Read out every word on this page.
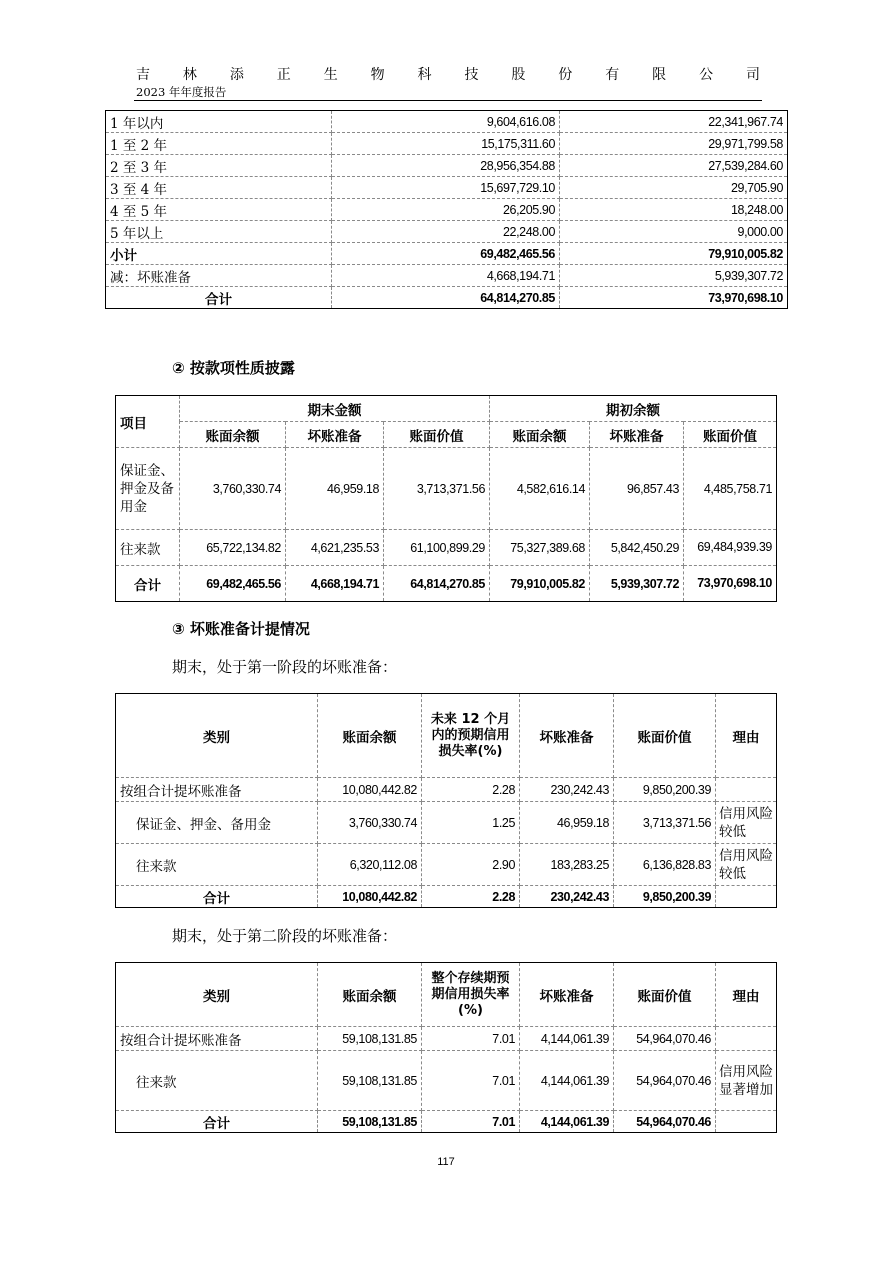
吉 林 添 正 生 物 科 技 股 份 有 限 公 司
2023 年年度报告
1 年以内	9,604,616.08	22,341,967.74
1 至 2 年	15,175,311.60	29,971,799.58
2 至 3 年	28,956,354.88	27,539,284.60
3 至 4 年	15,697,729.10	29,705.90
4 至 5 年	26,205.90	18,248.00
5 年以上	22,248.00	9,000.00
小计	69,482,465.56	79,910,005.82
减：坏账准备	4,668,194.71	5,939,307.72
合计	64,814,270.85	73,970,698.10
② 按款项性质披露
项目	期末金额			期初余额		
	账面余额	坏账准备	账面价值	账面余额	坏账准备	账面价值
保证金、押金及备用金	3,760,330.74	46,959.18	3,713,371.56	4,582,616.14	96,857.43	4,485,758.71
往来款	65,722,134.82	4,621,235.53	61,100,899.29	75,327,389.68	5,842,450.29	69,484,939.39
合计	69,482,465.56	4,668,194.71	64,814,270.85	79,910,005.82	5,939,307.72	73,970,698.10
③ 坏账准备计提情况
期末，处于第一阶段的坏账准备：
类别	账面余额	未来 12 个月内的预期信用损失率(%)	坏账准备	账面价值	理由
按组合计提坏账准备	10,080,442.82	2.28	230,242.43	9,850,200.39	
保证金、押金、备用金	3,760,330.74	1.25	46,959.18	3,713,371.56	信用风险较低
往来款	6,320,112.08	2.90	183,283.25	6,136,828.83	信用风险较低
合计	10,080,442.82	2.28	230,242.43	9,850,200.39	
期末，处于第二阶段的坏账准备：
类别	账面余额	整个存续期预期信用损失率(%)	坏账准备	账面价值	理由
按组合计提坏账准备	59,108,131.85	7.01	4,144,061.39	54,964,070.46	
往来款	59,108,131.85	7.01	4,144,061.39	54,964,070.46	信用风险显著增加
合计	59,108,131.85	7.01	4,144,061.39	54,964,070.46	
117
